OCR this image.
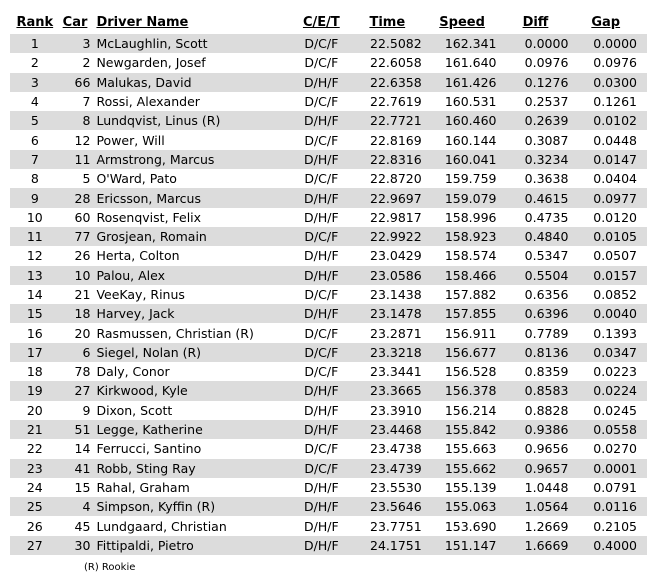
Rank	Car	Driver Name	C/E/T	Time	Speed	Diff	Gap
1	3	McLaughlin, Scott	D/C/F	22.5082	162.341	0.0000	0.0000
2	2	Newgarden, Josef	D/C/F	22.6058	161.640	0.0976	0.0976
3	66	Malukas, David	D/H/F	22.6358	161.426	0.1276	0.0300
4	7	Rossi, Alexander	D/C/F	22.7619	160.531	0.2537	0.1261
5	8	Lundqvist, Linus (R)	D/H/F	22.7721	160.460	0.2639	0.0102
6	12	Power, Will	D/C/F	22.8169	160.144	0.3087	0.0448
7	11	Armstrong, Marcus	D/H/F	22.8316	160.041	0.3234	0.0147
8	5	O'Ward, Pato	D/C/F	22.8720	159.759	0.3638	0.0404
9	28	Ericsson, Marcus	D/H/F	22.9697	159.079	0.4615	0.0977
10	60	Rosenqvist, Felix	D/H/F	22.9817	158.996	0.4735	0.0120
11	77	Grosjean, Romain	D/C/F	22.9922	158.923	0.4840	0.0105
12	26	Herta, Colton	D/H/F	23.0429	158.574	0.5347	0.0507
13	10	Palou, Alex	D/H/F	23.0586	158.466	0.5504	0.0157
14	21	VeeKay, Rinus	D/C/F	23.1438	157.882	0.6356	0.0852
15	18	Harvey, Jack	D/H/F	23.1478	157.855	0.6396	0.0040
16	20	Rasmussen, Christian (R)	D/C/F	23.2871	156.911	0.7789	0.1393
17	6	Siegel, Nolan (R)	D/C/F	23.3218	156.677	0.8136	0.0347
18	78	Daly, Conor	D/C/F	23.3441	156.528	0.8359	0.0223
19	27	Kirkwood, Kyle	D/H/F	23.3665	156.378	0.8583	0.0224
20	9	Dixon, Scott	D/H/F	23.3910	156.214	0.8828	0.0245
21	51	Legge, Katherine	D/H/F	23.4468	155.842	0.9386	0.0558
22	14	Ferrucci, Santino	D/C/F	23.4738	155.663	0.9656	0.0270
23	41	Robb, Sting Ray	D/C/F	23.4739	155.662	0.9657	0.0001
24	15	Rahal, Graham	D/H/F	23.5530	155.139	1.0448	0.0791
25	4	Simpson, Kyffin (R)	D/H/F	23.5646	155.063	1.0564	0.0116
26	45	Lundgaard, Christian	D/H/F	23.7751	153.690	1.2669	0.2105
27	30	Fittipaldi, Pietro	D/H/F	24.1751	151.147	1.6669	0.4000
(R) Rookie
